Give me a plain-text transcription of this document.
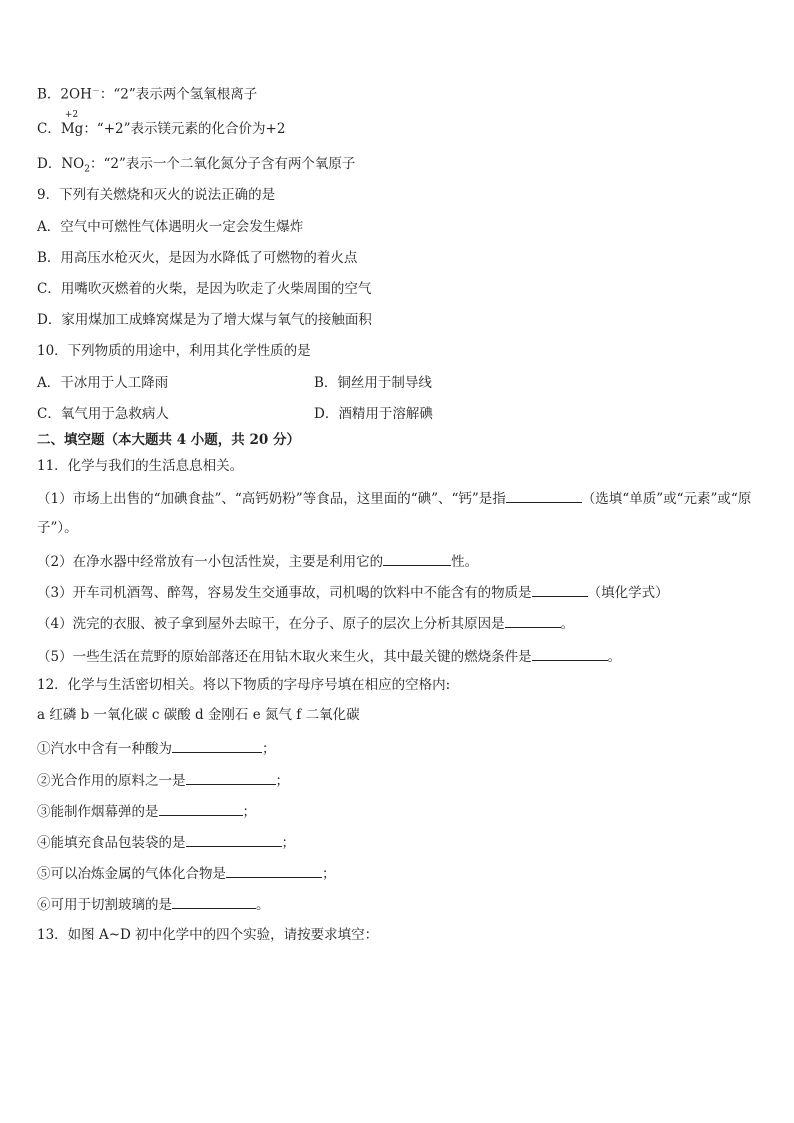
B．2OH－：“2”表示两个氢氧根离子
C．
+2
Mg：“+2”表示镁元素的化合价为+2
D．$NO_2$：“2”表示一个二氧化氮分子含有两个氧原子
9．下列有关燃烧和灭火的说法正确的是
A．空气中可燃性气体遇明火一定会发生爆炸
B．用高压水枪灭火，是因为水降低了可燃物的着火点
C．用嘴吹灭燃着的火柴，是因为吹走了火柴周围的空气
D．家用煤加工成蜂窝煤是为了增大煤与氧气的接触面积
10．下列物质的用途中，利用其化学性质的是
A．干冰用于人工降雨	B．铜丝用于制导线
C．氧气用于急救病人	D．酒精用于溶解碘
二、填空题（本大题共 4 小题，共 20 分）
11．化学与我们的生活息息相关。
（1）市场上出售的“加碘食盐”、“高钙奶粉”等食品，这里面的“碘”、“钙”是指	（选填“单质”或“元素”或“原
子”）。
（2）在净水器中经常放有一小包活性炭，主要是利用它的	性。
（3）开车司机酒驾、醉驾，容易发生交通事故，司机喝的饮料中不能含有的物质是	（填化学式）
（4）洗完的衣服、被子拿到屋外去晾干，在分子、原子的层次上分析其原因是	。
（5）一些生活在荒野的原始部落还在用钻木取火来生火，其中最关键的燃烧条件是	。
12．化学与生活密切相关。将以下物质的字母序号填在相应的空格内:
a 红磷 b 一氧化碳 c 碳酸 d 金刚石 e 氮气 f 二氧化碳
①汽水中含有一种酸为	；
②光合作用的原料之一是	；
③能制作烟幕弹的是	；
④能填充食品包装袋的是	；
⑤可以冶炼金属的气体化合物是	；
⑥可用于切割玻璃的是	。
13．如图 A~D 初中化学中的四个实验，请按要求填空：
